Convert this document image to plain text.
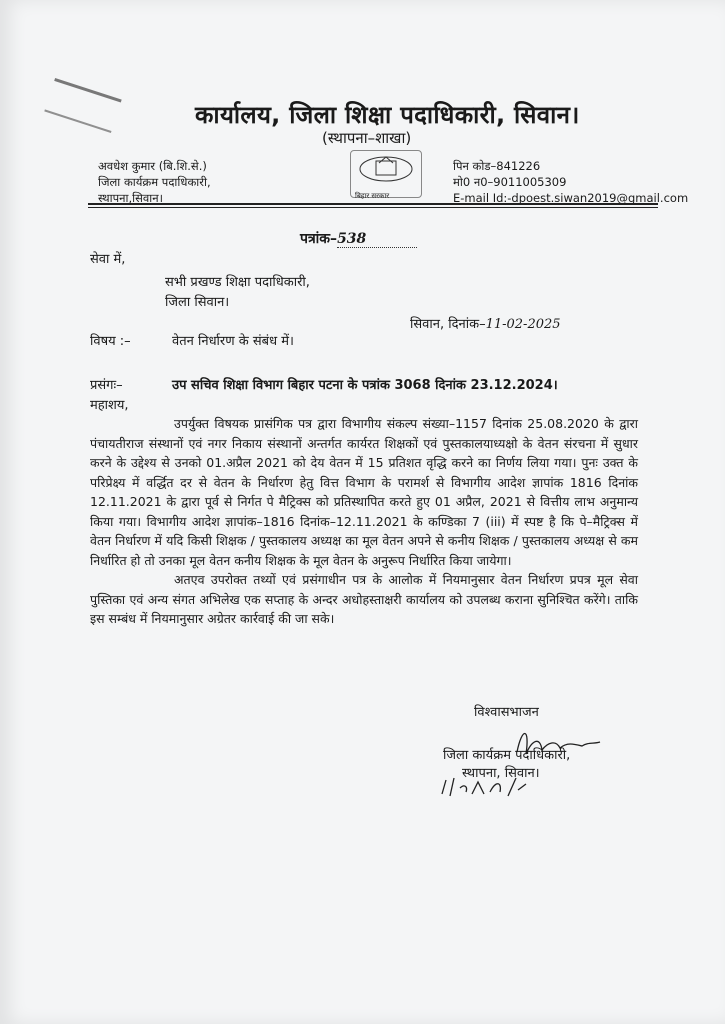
कार्यालय, जिला शिक्षा पदाधिकारी, सिवान।
(स्थापना–शाखा)
अवधेश कुमार (बि.शि.से.)
जिला कार्यक्रम पदाधिकारी,
स्थापना,सिवान।	बिहार सरकार
पिन कोड–841226
मो0 न0–9011005309
E-mail Id:-dpoest.siwan2019@gmail.com
पत्रांक–538
सेवा में,
सभी प्रखण्ड शिक्षा पदाधिकारी,
जिला सिवान।
सिवान, दिनांक–11-02-2025
विषय :–	वेतन निर्धारण के संबंध में।
प्रसंगः–	उप सचिव शिक्षा विभाग बिहार पटना के पत्रांक 3068 दिनांक 23.12.2024।
महाशय,

उपर्युक्त विषयक प्रासंगिक पत्र द्वारा विभागीय संकल्प संख्या–1157 दिनांक 25.08.2020 के द्वारा पंचायतीराज संस्थानों एवं नगर निकाय संस्थानों अन्तर्गत कार्यरत शिक्षकों एवं पुस्तकालयाध्यक्षो के वेतन संरचना में सुधार करने के उद्देश्य से उनको 01.अप्रैल 2021 को देय वेतन में 15 प्रतिशत वृद्धि करने का निर्णय लिया गया। पुनः उक्त के परिप्रेक्ष्य में वर्द्धित दर से वेतन के निर्धारण हेतु वित्त विभाग के परामर्श से विभागीय आदेश ज्ञापांक 1816 दिनांक 12.11.2021 के द्वारा पूर्व से निर्गत पे मैट्रिक्स को प्रतिस्थापित करते हुए 01 अप्रैल, 2021 से वित्तीय लाभ अनुमान्य किया गया। विभागीय आदेश ज्ञापांक–1816 दिनांक–12.11.2021 के कण्डिका 7 (iii) में स्पष्ट है कि पे–मैट्रिक्स में वेतन निर्धारण में यदि किसी शिक्षक / पुस्तकालय अध्यक्ष का मूल वेतन अपने से कनीय शिक्षक / पुस्तकालय अध्यक्ष से कम निर्धारित हो तो उनका मूल वेतन कनीय शिक्षक के मूल वेतन के अनुरूप निर्धारित किया जायेगा।

अतएव उपरोक्त तथ्यों एवं प्रसंगाधीन पत्र के आलोक में नियमानुसार वेतन निर्धारण प्रपत्र मूल सेवा पुस्तिका एवं अन्य संगत अभिलेख एक सप्ताह के अन्दर अधोहस्ताक्षरी कार्यालय को उपलब्ध कराना सुनिश्चित करेंगे। ताकि इस सम्बंध में नियमानुसार अग्रेतर कार्रवाई की जा सके।

विश्वासभाजन
जिला कार्यक्रम पदाधिकारी,
स्थापना, सिवान।
